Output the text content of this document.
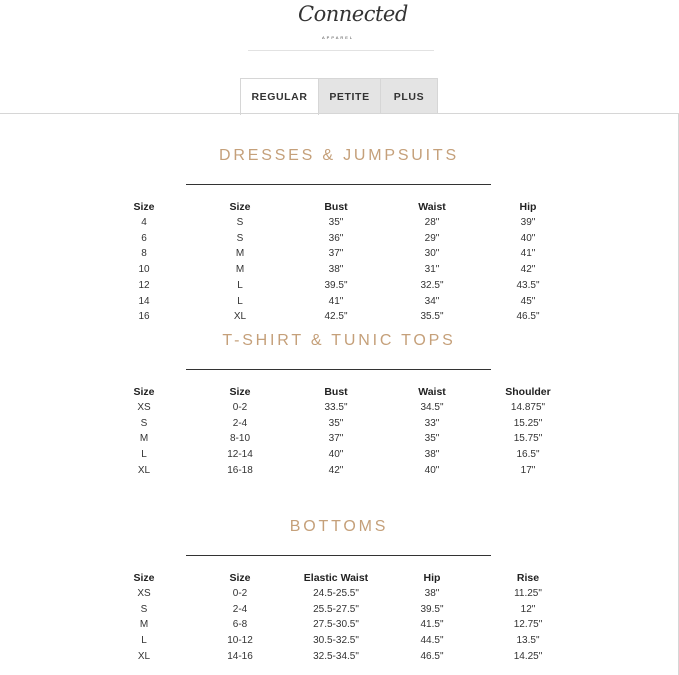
Connected
APPAREL
REGULAR	PETITE	PLUS
DRESSES & JUMPSUITS
Size	Size	Bust	Waist	Hip
4	S	35"	28"	39"
6	S	36"	29"	40"
8	M	37"	30"	41"
10	M	38"	31"	42"
12	L	39.5"	32.5"	43.5"
14	L	41"	34"	45"
16	XL	42.5"	35.5"	46.5"
T-SHIRT & TUNIC TOPS
Size	Size	Bust	Waist	Shoulder
XS	0-2	33.5"	34.5"	14.875"
S	2-4	35"	33"	15.25"
M	8-10	37"	35"	15.75"
L	12-14	40"	38"	16.5"
XL	16-18	42"	40"	17"
BOTTOMS
Size	Size	Elastic Waist	Hip	Rise
XS	0-2	24.5-25.5"	38"	11.25"
S	2-4	25.5-27.5"	39.5"	12"
M	6-8	27.5-30.5"	41.5"	12.75"
L	10-12	30.5-32.5"	44.5"	13.5"
XL	14-16	32.5-34.5"	46.5"	14.25"
